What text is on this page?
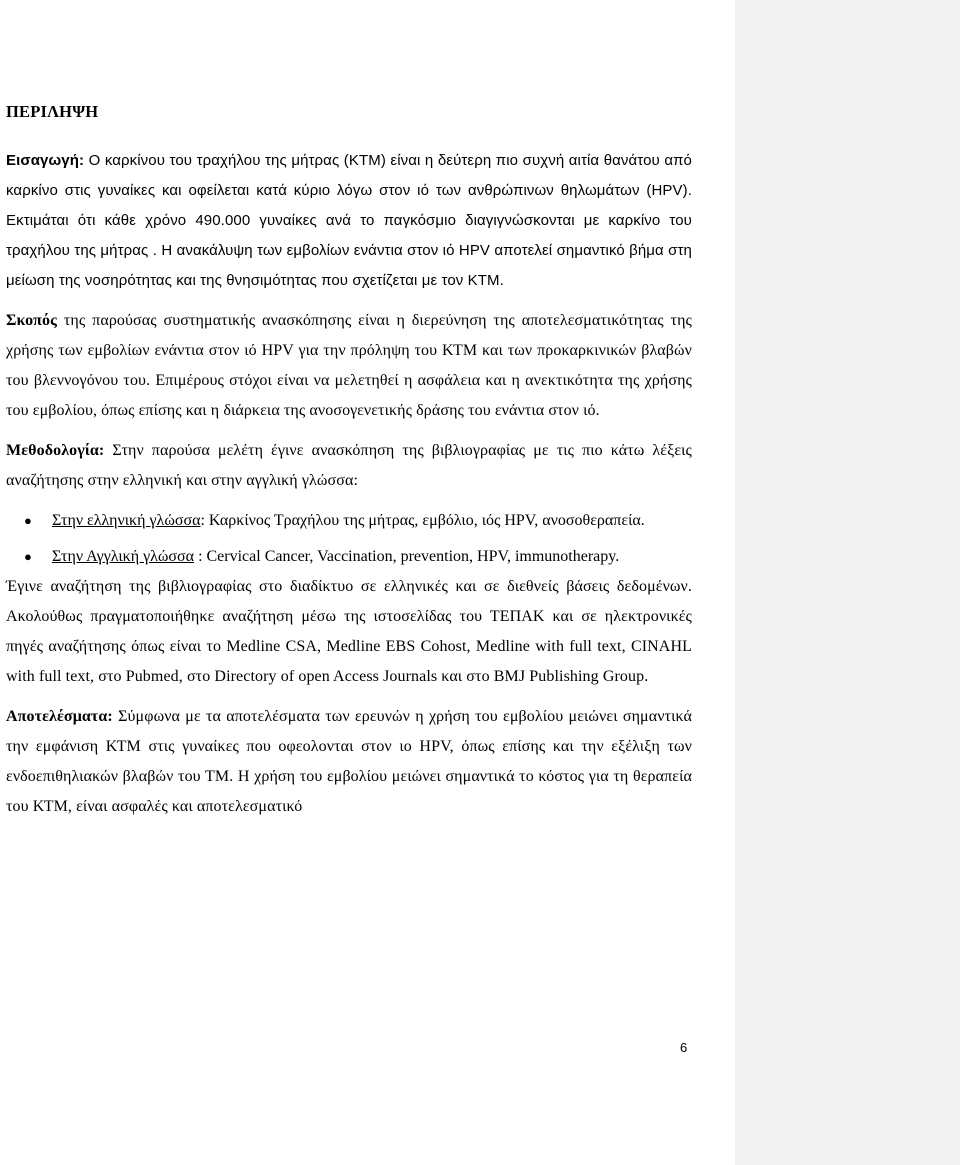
ΠΕΡΙΛΗΨΗ

Εισαγωγή: Ο καρκίνου του τραχήλου της μήτρας (ΚΤΜ) είναι η δεύτερη πιο συχνή αιτία θανάτου από καρκίνο στις γυναίκες και οφείλεται κατά κύριο λόγω στον ιό των ανθρώπινων θηλωμάτων (HPV). Εκτιμάται ότι κάθε χρόνο 490.000 γυναίκες ανά το παγκόσμιο διαγιγνώσκονται με καρκίνο του τραχήλου της μήτρας . Η ανακάλυψη των εμβολίων ενάντια στον ιό HPV αποτελεί σημαντικό βήμα στη μείωση της νοσηρότητας και της θνησιμότητας που σχετίζεται με τον ΚΤΜ.

Σκοπός της παρούσας συστηματικής ανασκόπησης είναι η διερεύνηση της αποτελεσματικότητας της χρήσης των εμβολίων ενάντια στον ιό HPV για την πρόληψη του ΚΤΜ και των προκαρκινικών βλαβών του βλεννογόνου του. Επιμέρους στόχοι είναι να μελετηθεί η ασφάλεια και η ανεκτικότητα της χρήσης του εμβολίου, όπως επίσης και η διάρκεια της ανοσογενετικής δράσης του ενάντια στον ιό.

Μεθοδολογία: Στην παρούσα μελέτη έγινε ανασκόπηση της βιβλιογραφίας με τις πιο κάτω λέξεις αναζήτησης στην ελληνική και στην αγγλική γλώσσα:

● Στην ελληνική γλώσσα: Καρκίνος Τραχήλου της μήτρας, εμβόλιο, ιός HPV, ανοσοθεραπεία.
● Στην Αγγλική γλώσσα : Cervical Cancer, Vaccination, prevention, HPV, immunotherapy.

Έγινε αναζήτηση της βιβλιογραφίας στο διαδίκτυο σε ελληνικές και σε διεθνείς βάσεις δεδομένων. Ακολούθως πραγματοποιήθηκε αναζήτηση μέσω της ιστοσελίδας του ΤΕΠΑΚ και σε ηλεκτρονικές πηγές αναζήτησης όπως είναι το Medline CSA, Medline EBS Cohost, Medline with full text, CINAHL with full text, στο Pubmed, στο Directory of open Access Journals και στο BMJ Publishing Group.

Αποτελέσματα: Σύμφωνα με τα αποτελέσματα των ερευνών η χρήση του εμβολίου μειώνει σημαντικά την εμφάνιση ΚΤΜ στις γυναίκες που οφεολονται στον ιο HPV, όπως επίσης και την εξέλιξη των ενδοεπιθηλιακών βλαβών του ΤΜ. Η χρήση του εμβολίου μειώνει σημαντικά το κόστος για τη θεραπεία του ΚΤΜ, είναι ασφαλές και αποτελεσματικό

6
